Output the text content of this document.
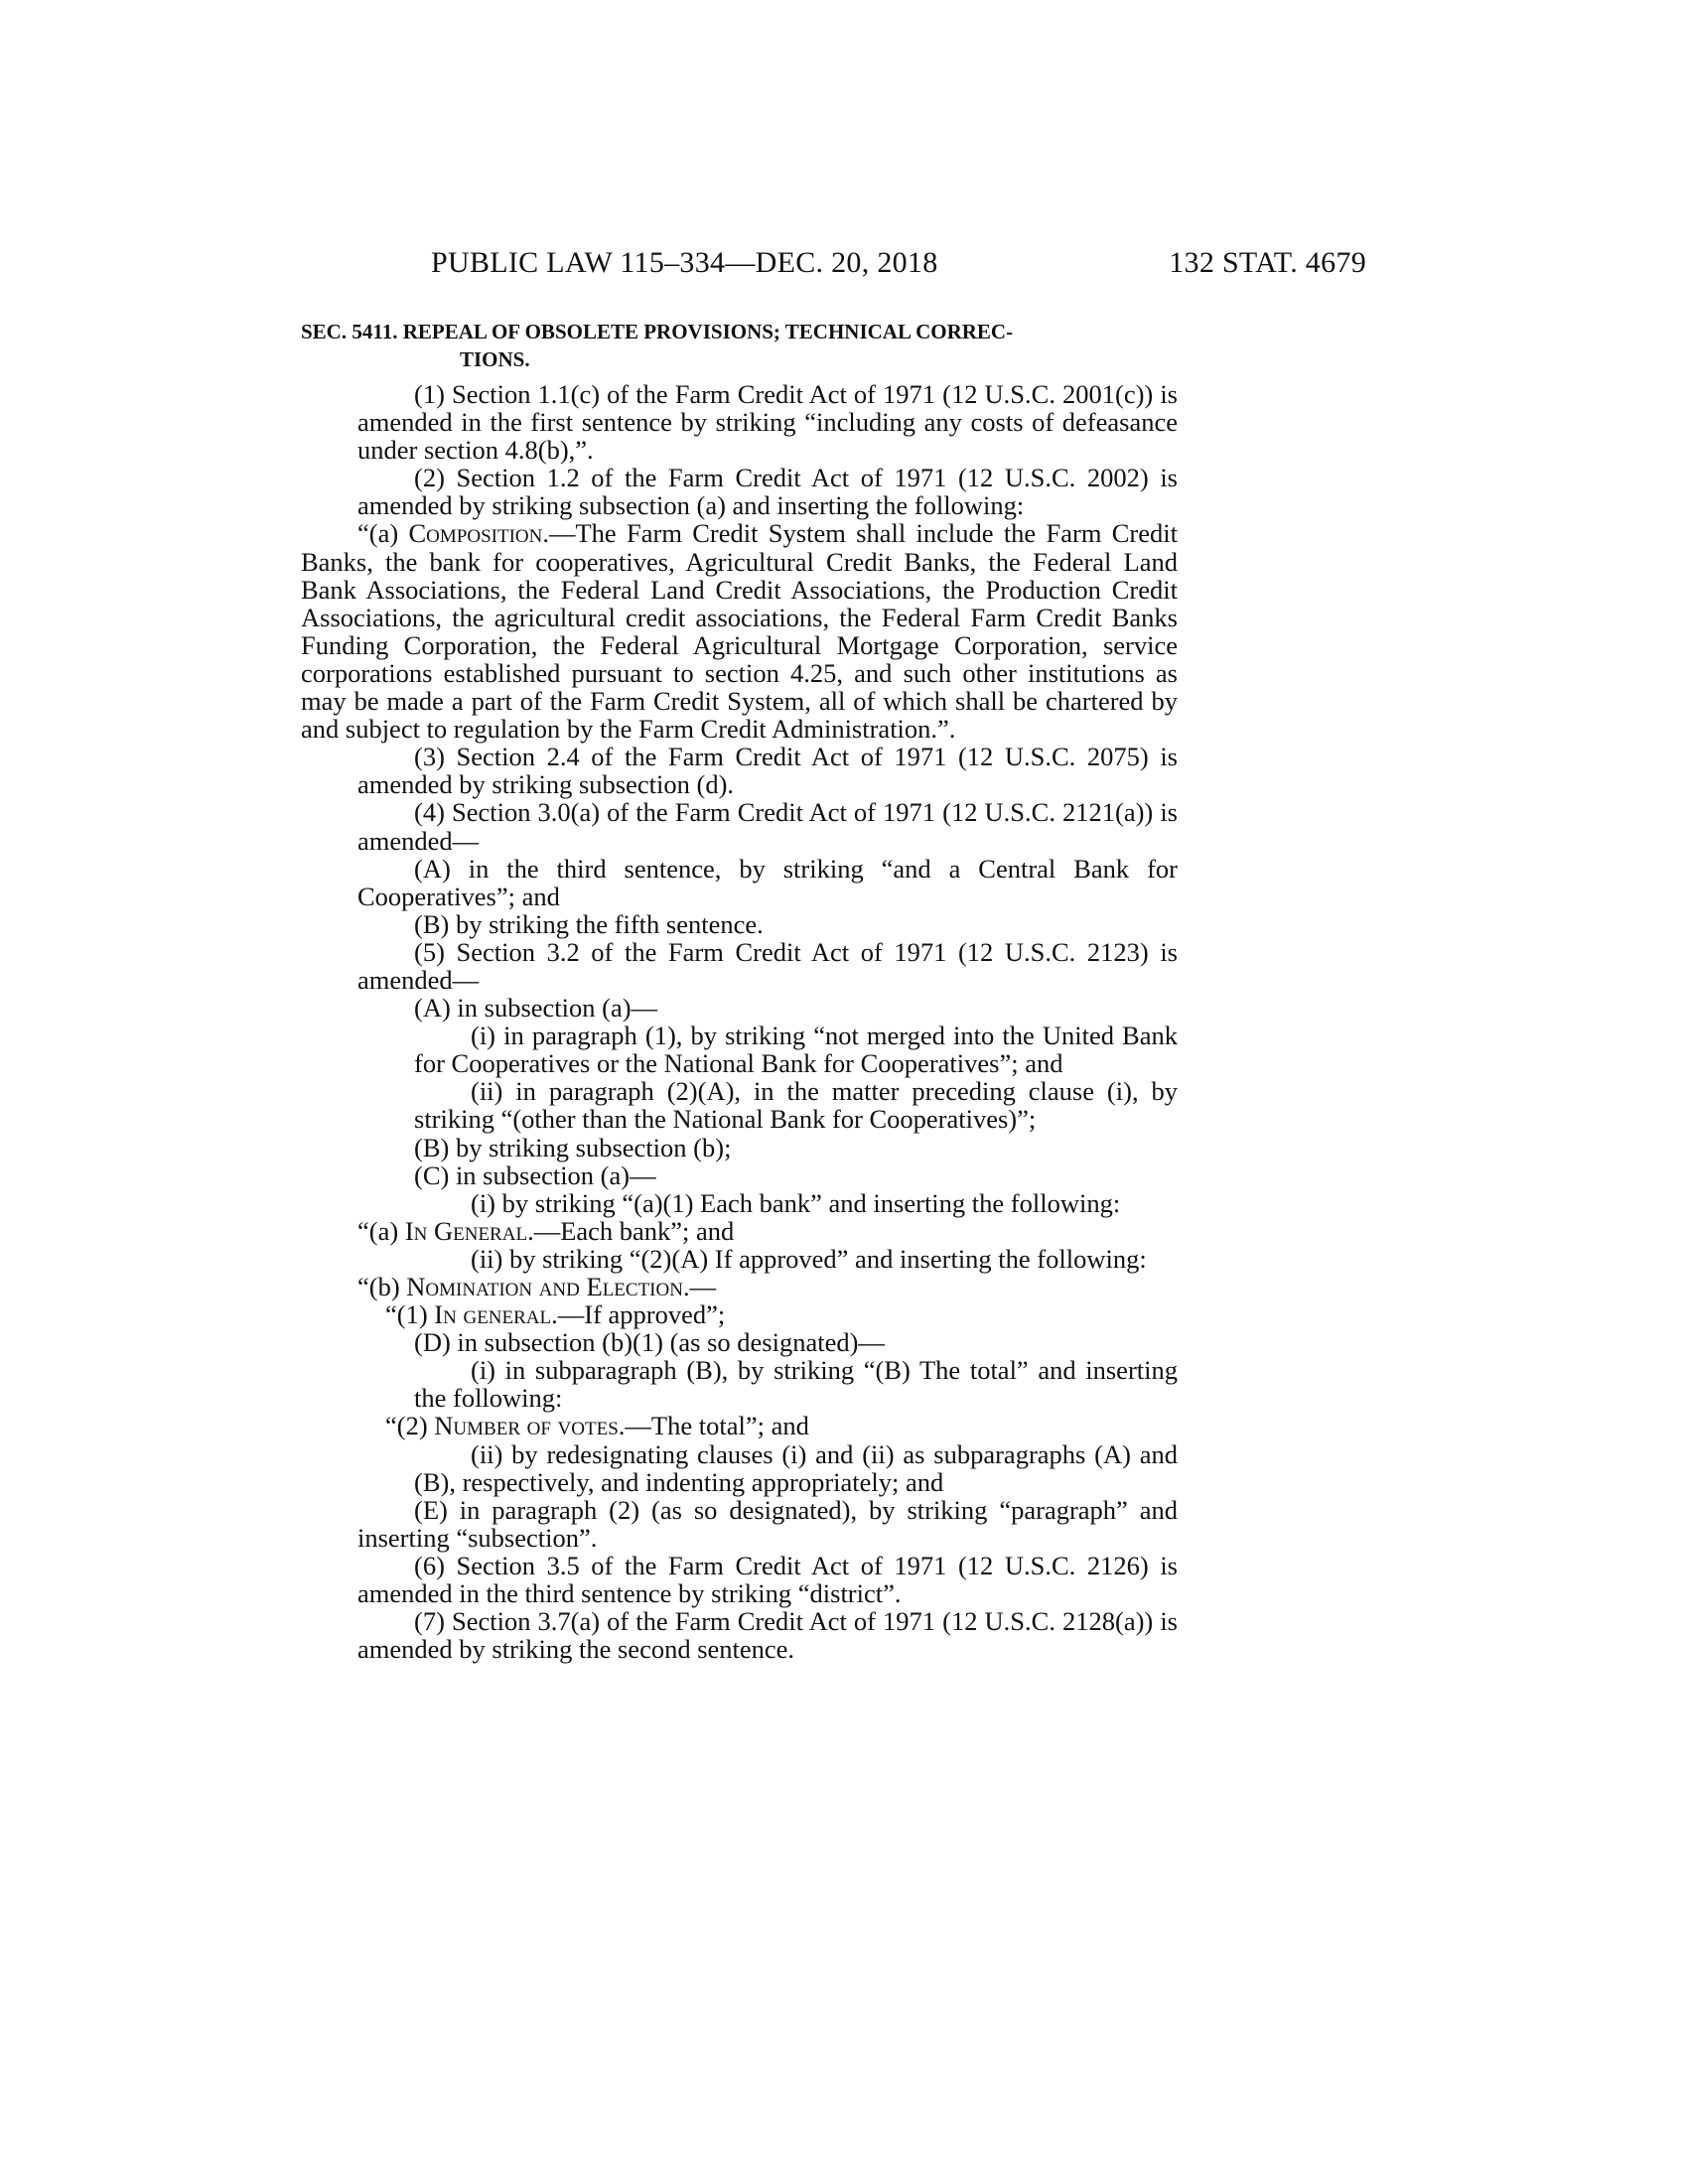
PUBLIC LAW 115–334—DEC. 20, 2018	132 STAT. 4679
SEC. 5411. REPEAL OF OBSOLETE PROVISIONS; TECHNICAL CORREC-
TIONS.

(1) Section 1.1(c) of the Farm Credit Act of 1971 (12 U.S.C. 2001(c)) is amended in the first sentence by striking “including any costs of defeasance under section 4.8(b),”.

(2) Section 1.2 of the Farm Credit Act of 1971 (12 U.S.C. 2002) is amended by striking subsection (a) and inserting the following:

“(a) Composition.—The Farm Credit System shall include the Farm Credit Banks, the bank for cooperatives, Agricultural Credit Banks, the Federal Land Bank Associations, the Federal Land Credit Associations, the Production Credit Associations, the agricultural credit associations, the Federal Farm Credit Banks Funding Corporation, the Federal Agricultural Mortgage Corporation, service corporations established pursuant to section 4.25, and such other institutions as may be made a part of the Farm Credit System, all of which shall be chartered by and subject to regulation by the Farm Credit Administration.”.

(3) Section 2.4 of the Farm Credit Act of 1971 (12 U.S.C. 2075) is amended by striking subsection (d).

(4) Section 3.0(a) of the Farm Credit Act of 1971 (12 U.S.C. 2121(a)) is amended—

(A) in the third sentence, by striking “and a Central Bank for Cooperatives”; and

(B) by striking the fifth sentence.

(5) Section 3.2 of the Farm Credit Act of 1971 (12 U.S.C. 2123) is amended—

(A) in subsection (a)—

(i) in paragraph (1), by striking “not merged into the United Bank for Cooperatives or the National Bank for Cooperatives”; and

(ii) in paragraph (2)(A), in the matter preceding clause (i), by striking “(other than the National Bank for Cooperatives)”;

(B) by striking subsection (b);

(C) in subsection (a)—

(i) by striking “(a)(1) Each bank” and inserting the following:

“(a) In General.—Each bank”; and

(ii) by striking “(2)(A) If approved” and inserting the following:

“(b) Nomination and Election.—

“(1) In general.—If approved”;

(D) in subsection (b)(1) (as so designated)—

(i) in subparagraph (B), by striking “(B) The total” and inserting the following:

“(2) Number of votes.—The total”; and

(ii) by redesignating clauses (i) and (ii) as subparagraphs (A) and (B), respectively, and indenting appropriately; and

(E) in paragraph (2) (as so designated), by striking “paragraph” and inserting “subsection”.

(6) Section 3.5 of the Farm Credit Act of 1971 (12 U.S.C. 2126) is amended in the third sentence by striking “district”.

(7) Section 3.7(a) of the Farm Credit Act of 1971 (12 U.S.C. 2128(a)) is amended by striking the second sentence.
